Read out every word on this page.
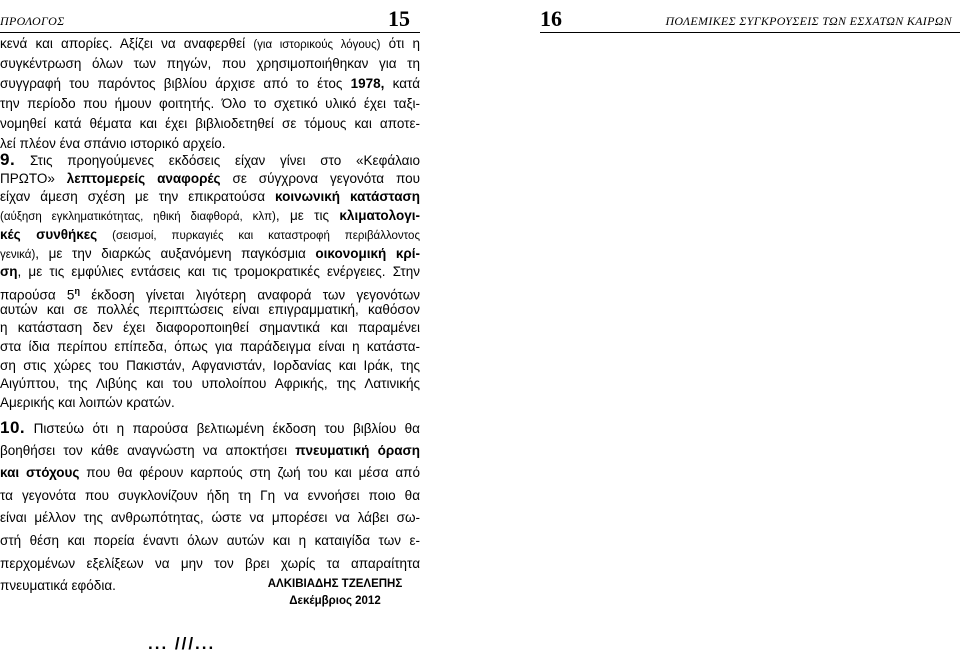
ΠΡΟΛΟΓΟΣ	15
κενά και απορίες. Αξίζει να αναφερθεί (για ιστορικούς λόγους) ότι η
συγκέντρωση όλων των πηγών, που χρησιμοποιήθηκαν για τη
συγγραφή του παρόντος βιβλίου άρχισε από το έτος 1978, κατά
την περίοδο που ήμουν φοιτητής. Όλο το σχετικό υλικό έχει ταξι-
νομηθεί κατά θέματα και έχει βιβλιοδετηθεί σε τόμους και αποτε-
λεί πλέον ένα σπάνιο ιστορικό αρχείο.
9. Στις προηγούμενες εκδόσεις είχαν γίνει στο «Κεφάλαιο
ΠΡΩΤΟ» λεπτομερείς αναφορές σε σύγχρονα γεγονότα που
είχαν άμεση σχέση με την επικρατούσα κοινωνική κατάσταση
(αύξηση εγκληματικότητας, ηθική διαφθορά, κλπ), με τις κλιματολογι-
κές συνθήκες (σεισμοί, πυρκαγιές και καταστροφή περιβάλλοντος
γενικά), με την διαρκώς αυξανόμενη παγκόσμια οικονομική κρί-
ση, με τις εμφύλιες εντάσεις και τις τρομοκρατικές ενέργειες. Στην
παρούσα $5^\eta$ έκδοση γίνεται λιγότερη αναφορά των γεγονότων
αυτών και σε πολλές περιπτώσεις είναι επιγραμματική, καθόσον
η κατάσταση δεν έχει διαφοροποιηθεί σημαντικά και παραμένει
στα ίδια περίπου επίπεδα, όπως για παράδειγμα είναι η κατάστα-
ση στις χώρες του Πακιστάν, Αφγανιστάν, Ιορδανίας και Ιράκ, της
Αιγύπτου, της Λιβύης και του υπολοίπου Αφρικής, της Λατινικής
Αμερικής και λοιπών κρατών.
10. Πιστεύω ότι η παρούσα βελτιωμένη έκδοση του βιβλίου θα
βοηθήσει τον κάθε αναγνώστη να αποκτήσει πνευματική όραση
και στόχους που θα φέρουν καρπούς στη ζωή του και μέσα από
τα γεγονότα που συγκλονίζουν ήδη τη Γη να εννοήσει ποιο θα
είναι μέλλον της ανθρωπότητας, ώστε να μπορέσει να λάβει σω-
στή θέση και πορεία έναντι όλων αυτών και η καταιγίδα των ε-
περχομένων εξελίξεων να μην τον βρει χωρίς τα απαραίτητα
πνευματικά εφόδια.	ΑΛΚΙΒΙΑΔΗΣ ΤΖΕΛΕΠΗΣ
Δεκέμβριος 2012
... ///...
16	ΠΟΛΕΜΙΚΕΣ ΣΥΓΚΡΟΥΣΕΙΣ ΤΩΝ ΕΣΧΑΤΩΝ ΚΑΙΡΩΝ
